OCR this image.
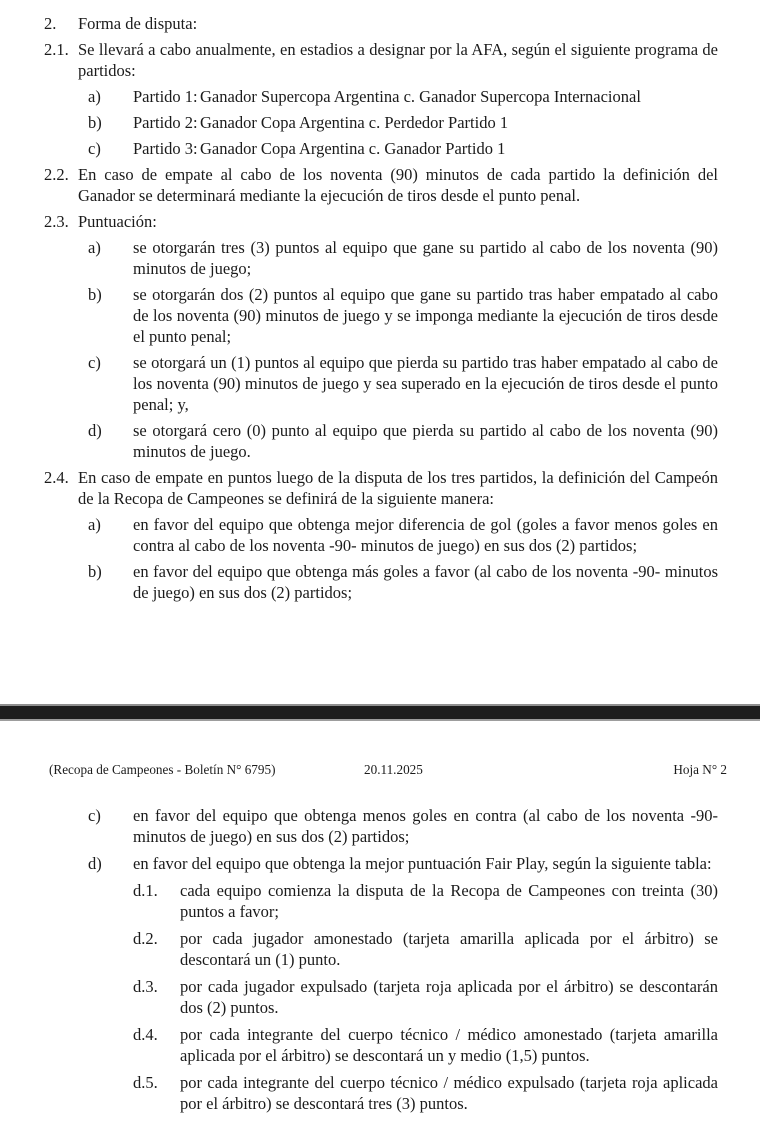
2.	Forma de disputa:

2.1. Se llevará a cabo anualmente, en estadios a designar por la AFA, según el siguiente programa de partidos:

a)	Partido 1: Ganador Supercopa Argentina c. Ganador Supercopa Internacional

b)	Partido 2: Ganador Copa Argentina c. Perdedor Partido 1

c)	Partido 3: Ganador Copa Argentina c. Ganador Partido 1

2.2. En caso de empate al cabo de los noventa (90) minutos de cada partido la definición del Ganador se determinará mediante la ejecución de tiros desde el punto penal.

2.3. Puntuación:

a)	se otorgarán tres (3) puntos al equipo que gane su partido al cabo de los noventa (90) minutos de juego;

b)	se otorgarán dos (2) puntos al equipo que gane su partido tras haber empatado al cabo de los noventa (90) minutos de juego y se imponga mediante la ejecución de tiros desde el punto penal;

c)	se otorgará un (1) puntos al equipo que pierda su partido tras haber empatado al cabo de los noventa (90) minutos de juego y sea superado en la ejecución de tiros desde el punto penal; y,

d)	se otorgará cero (0) punto al equipo que pierda su partido al cabo de los noventa (90) minutos de juego.

2.4. En caso de empate en puntos luego de la disputa de los tres partidos, la definición del Campeón de la Recopa de Campeones se definirá de la siguiente manera:

a)	en favor del equipo que obtenga mejor diferencia de gol (goles a favor menos goles en contra al cabo de los noventa -90- minutos de juego) en sus dos (2) partidos;

b)	en favor del equipo que obtenga más goles a favor (al cabo de los noventa -90- minutos de juego) en sus dos (2) partidos;

(Recopa de Campeones - Boletín N° 6795)	20.11.2025	Hoja N° 2
c)	en favor del equipo que obtenga menos goles en contra (al cabo de los noventa -90- minutos de juego) en sus dos (2) partidos;

d)	en favor del equipo que obtenga la mejor puntuación Fair Play, según la siguiente tabla:

d.1.	cada equipo comienza la disputa de la Recopa de Campeones con treinta (30) puntos a favor;

d.2.	por cada jugador amonestado (tarjeta amarilla aplicada por el árbitro) se descontará un (1) punto.

d.3.	por cada jugador expulsado (tarjeta roja aplicada por el árbitro) se descontarán dos (2) puntos.

d.4.	por cada integrante del cuerpo técnico / médico amonestado (tarjeta amarilla aplicada por el árbitro) se descontará un y medio (1,5) puntos.

d.5.	por cada integrante del cuerpo técnico / médico expulsado (tarjeta roja aplicada por el árbitro) se descontará tres (3) puntos.
